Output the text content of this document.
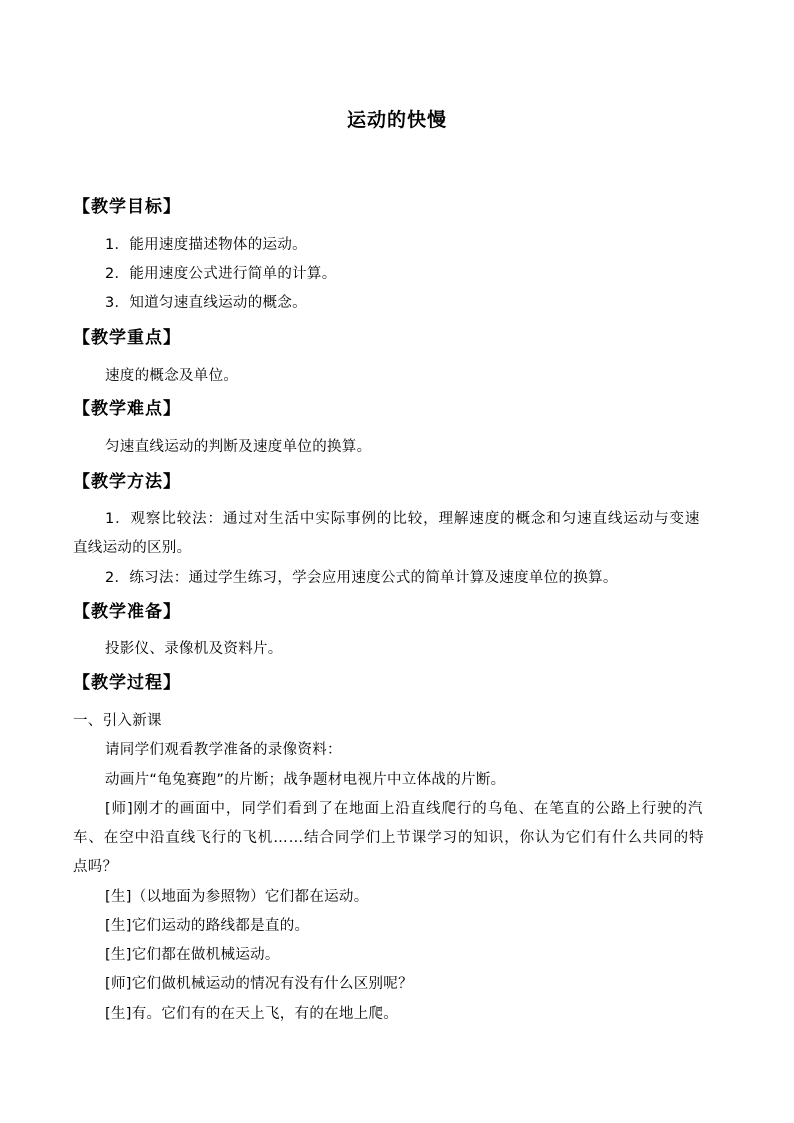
运动的快慢
【教学目标】
1．能用速度描述物体的运动。
2．能用速度公式进行简单的计算。
3．知道匀速直线运动的概念。
【教学重点】
速度的概念及单位。
【教学难点】
匀速直线运动的判断及速度单位的换算。
【教学方法】
1．观察比较法：通过对生活中实际事例的比较，理解速度的概念和匀速直线运动与变速
直线运动的区别。
2．练习法：通过学生练习，学会应用速度公式的简单计算及速度单位的换算。
【教学准备】
投影仪、录像机及资料片。
【教学过程】
一、引入新课
请同学们观看教学准备的录像资料：
动画片“龟兔赛跑”的片断；战争题材电视片中立体战的片断。
[师]刚才的画面中，同学们看到了在地面上沿直线爬行的乌龟、在笔直的公路上行驶的汽
车、在空中沿直线飞行的飞机……结合同学们上节课学习的知识，你认为它们有什么共同的特
点吗？
[生]（以地面为参照物）它们都在运动。
[生]它们运动的路线都是直的。
[生]它们都在做机械运动。
[师]它们做机械运动的情况有没有什么区别呢？
[生]有。它们有的在天上飞，有的在地上爬。
